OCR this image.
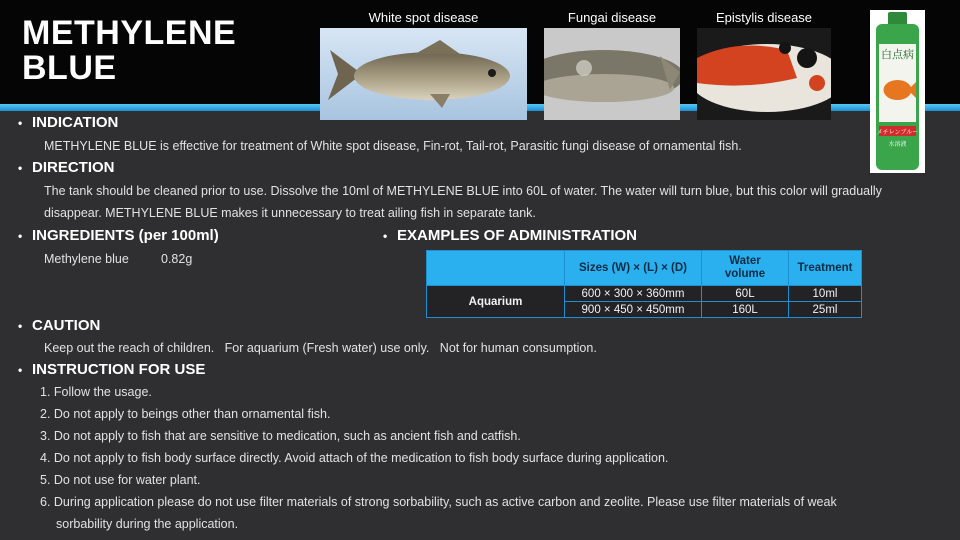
METHYLENE
BLUE
White spot disease	Fungai disease	Epistylis disease
白点病
メチレンブルー
水溶液
• INDICATION
METHYLENE BLUE is effective for treatment of White spot disease, Fin-rot, Tail-rot, Parasitic fungi disease of ornamental fish.
• DIRECTION
The tank should be cleaned prior to use. Dissolve the 10ml of METHYLENE BLUE into 60L of water. The water will turn blue, but this color will gradually
disappear. METHYLENE BLUE makes it unnecessary to treat ailing fish in separate tank.
• INGREDIENTS (per 100ml)
Methylene blue	0.82g
• EXAMPLES OF ADMINISTRATION
	Sizes (W) × (L) × (D)	Water
volume	Treatment
Aquarium	600 × 300 × 360mm	60L	10ml
	900 × 450 × 450mm	160L	25ml
• CAUTION
Keep out the reach of children.   For aquarium (Fresh water) use only.   Not for human consumption.
• INSTRUCTION FOR USE
1. Follow the usage.
2. Do not apply to beings other than ornamental fish.
3. Do not apply to fish that are sensitive to medication, such as ancient fish and catfish.
4. Do not apply to fish body surface directly. Avoid attach of the medication to fish body surface during application.
5. Do not use for water plant.
6. During application please do not use filter materials of strong sorbability, such as active carbon and zeolite. Please use filter materials of weak
sorbability during the application.
